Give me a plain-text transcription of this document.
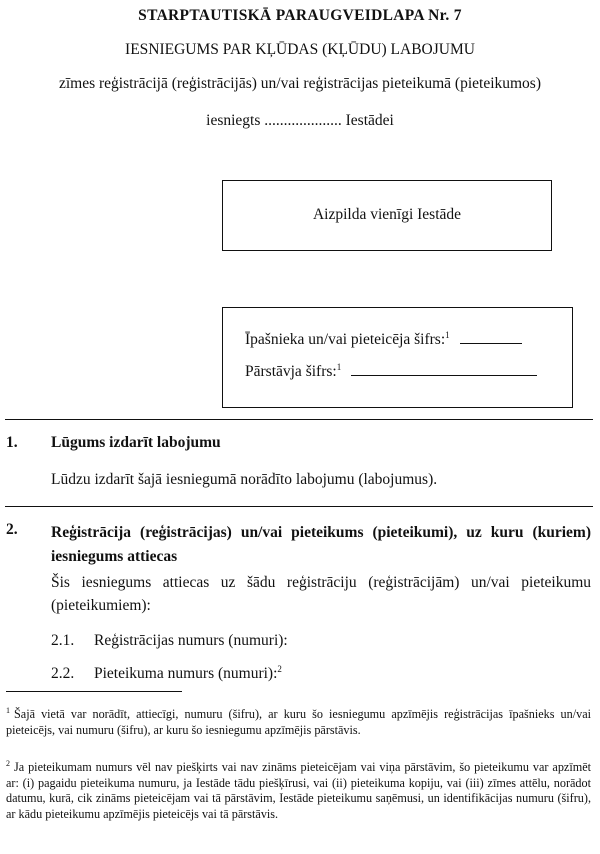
STARPTAUTISKĀ PARAUGVEIDLAPA Nr. 7
IESNIEGUMS PAR KĻŪDAS (KĻŪDU) LABOJUMU
zīmes reģistrācijā (reģistrācijās) un/vai reģistrācijas pieteikumā (pieteikumos)
iesniegts .................... Iestādei
Aizpilda vienīgi Iestāde
Īpašnieka un/vai pieteicēja šifrs:$^1$
Pārstāvja šifrs:$^1$
1. Lūgums izdarīt labojumu
Lūdzu izdarīt šajā iesniegumā norādīto labojumu (labojumus).
2. Reģistrācija (reģistrācijas) un/vai pieteikums (pieteikumi), uz kuru (kuriem) iesniegums attiecas
Šis iesniegums attiecas uz šādu reģistrāciju (reģistrācijām) un/vai pieteikumu (pieteikumiem):
2.1. Reģistrācijas numurs (numuri):
2.2. Pieteikuma numurs (numuri):$^2$
$^1$ Šajā vietā var norādīt, attiecīgi, numuru (šifru), ar kuru šo iesniegumu apzīmējis reģistrācijas īpašnieks un/vai pieteicējs, vai numuru (šifru), ar kuru šo iesniegumu apzīmējis pārstāvis.
$^2$ Ja pieteikumam numurs vēl nav piešķirts vai nav zināms pieteicējam vai viņa pārstāvim, šo pieteikumu var apzīmēt ar: (i) pagaidu pieteikuma numuru, ja Iestāde tādu piešķīrusi, vai (ii) pieteikuma kopiju, vai (iii) zīmes attēlu, norādot datumu, kurā, cik zināms pieteicējam vai tā pārstāvim, Iestāde pieteikumu saņēmusi, un identifikācijas numuru (šifru), ar kādu pieteikumu apzīmējis pieteicējs vai tā pārstāvis.
